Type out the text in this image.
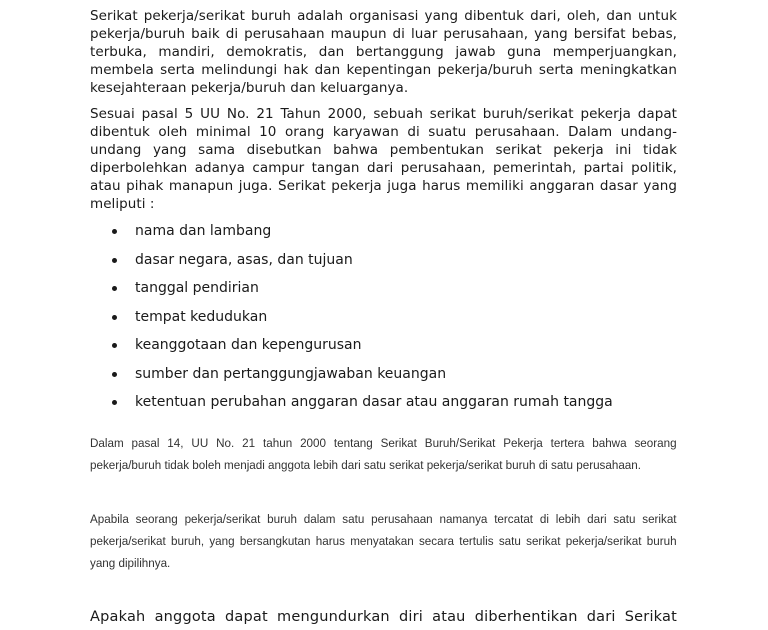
Serikat pekerja/serikat buruh adalah organisasi yang dibentuk dari, oleh, dan untuk pekerja/buruh baik di perusahaan maupun di luar perusahaan, yang bersifat bebas, terbuka, mandiri, demokratis, dan bertanggung jawab guna memperjuangkan, membela serta melindungi hak dan kepentingan pekerja/buruh serta meningkatkan kesejahteraan pekerja/buruh dan keluarganya.

Sesuai pasal 5 UU No. 21 Tahun 2000, sebuah serikat buruh/serikat pekerja dapat dibentuk oleh minimal 10 orang karyawan di suatu perusahaan. Dalam undang-undang yang sama disebutkan bahwa pembentukan serikat pekerja ini tidak diperbolehkan adanya campur tangan dari perusahaan, pemerintah, partai politik, atau pihak manapun juga. Serikat pekerja juga harus memiliki anggaran dasar yang meliputi :

nama dan lambang
dasar negara, asas, dan tujuan
tanggal pendirian
tempat kedudukan
keanggotaan dan kepengurusan
sumber dan pertanggungjawaban keuangan
ketentuan perubahan anggaran dasar atau anggaran rumah tangga

Dalam pasal 14, UU No. 21 tahun 2000 tentang Serikat Buruh/Serikat Pekerja tertera bahwa seorang pekerja/buruh tidak boleh menjadi anggota lebih dari satu serikat pekerja/serikat buruh di satu perusahaan.

Apabila seorang pekerja/serikat buruh dalam satu perusahaan namanya tercatat di lebih dari satu serikat pekerja/serikat buruh, yang bersangkutan harus menyatakan secara tertulis satu serikat pekerja/serikat buruh yang dipilihnya.

Apakah anggota dapat mengundurkan diri atau diberhentikan dari Serikat
